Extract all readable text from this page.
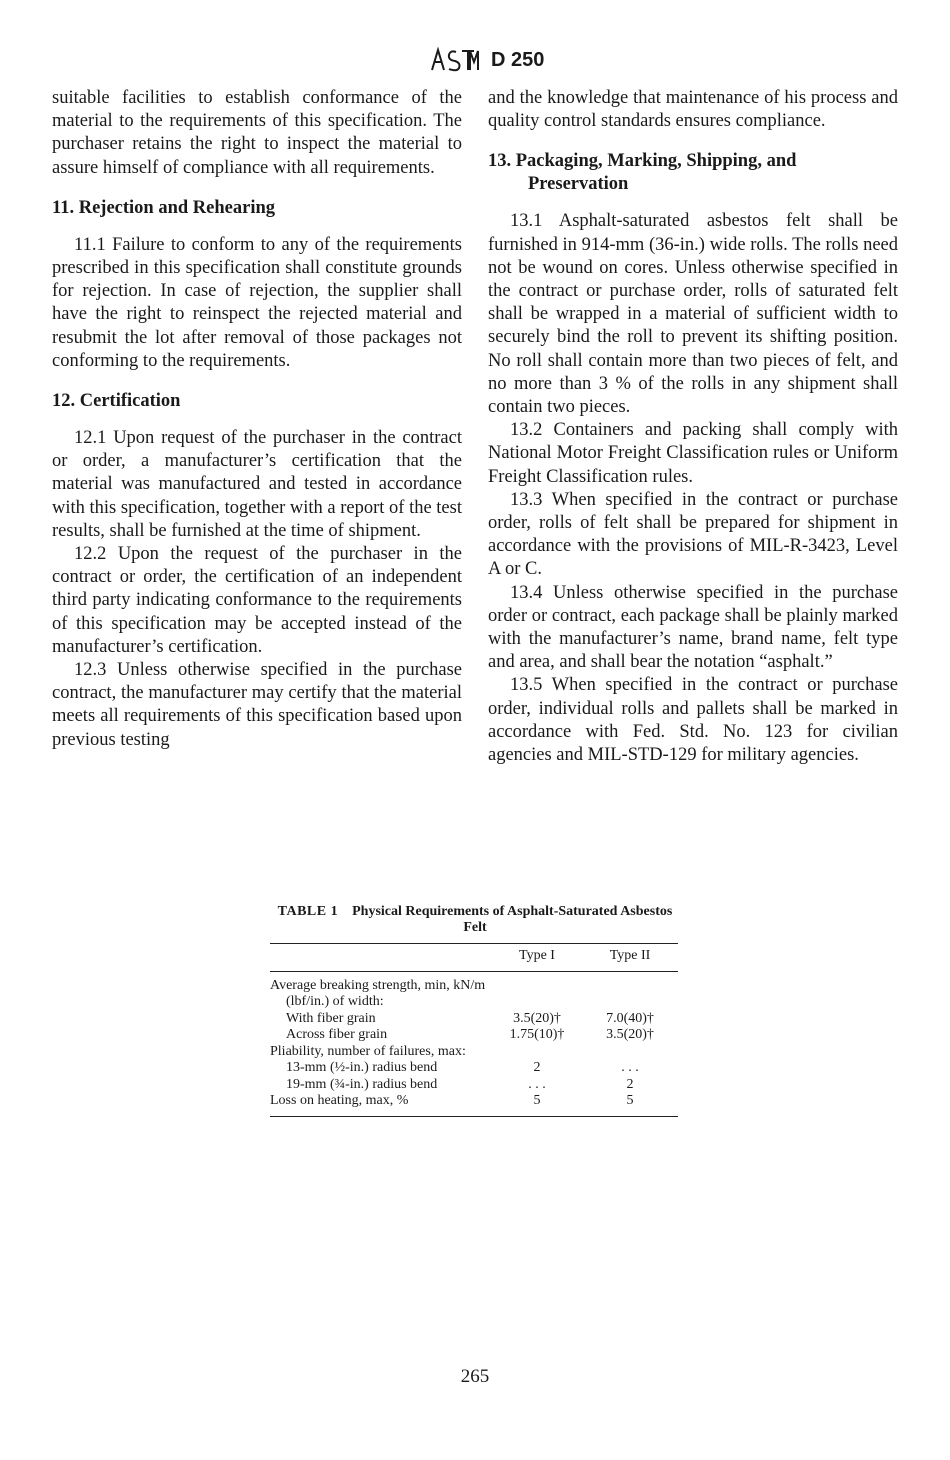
D 250

suitable facilities to establish conformance of the material to the requirements of this specification. The purchaser retains the right to inspect the material to assure himself of compliance with all requirements.

11. Rejection and Rehearing

11.1 Failure to conform to any of the requirements prescribed in this specification shall constitute grounds for rejection. In case of rejection, the supplier shall have the right to reinspect the rejected material and resubmit the lot after removal of those packages not conforming to the requirements.

12. Certification

12.1 Upon request of the purchaser in the contract or order, a manufacturer’s certification that the material was manufactured and tested in accordance with this specification, together with a report of the test results, shall be furnished at the time of shipment.

12.2 Upon the request of the purchaser in the contract or order, the certification of an independent third party indicating conformance to the requirements of this specification may be accepted instead of the manufacturer’s certification.

12.3 Unless otherwise specified in the purchase contract, the manufacturer may certify that the material meets all requirements of this specification based upon previous testing

and the knowledge that maintenance of his process and quality control standards ensures compliance.

13. Packaging, Marking, Shipping, and Preservation

13.1 Asphalt-saturated asbestos felt shall be furnished in 914-mm (36-in.) wide rolls. The rolls need not be wound on cores. Unless otherwise specified in the contract or purchase order, rolls of saturated felt shall be wrapped in a material of sufficient width to securely bind the roll to prevent its shifting position. No roll shall contain more than two pieces of felt, and no more than 3 % of the rolls in any shipment shall contain two pieces.

13.2 Containers and packing shall comply with National Motor Freight Classification rules or Uniform Freight Classification rules.

13.3 When specified in the contract or purchase order, rolls of felt shall be prepared for shipment in accordance with the provisions of MIL-R-3423, Level A or C.

13.4 Unless otherwise specified in the purchase order or contract, each package shall be plainly marked with the manufacturer’s name, brand name, felt type and area, and shall bear the notation “asphalt.”

13.5 When specified in the contract or purchase order, individual rolls and pallets shall be marked in accordance with Fed. Std. No. 123 for civilian agencies and MIL-STD-129 for military agencies.

TABLE 1 Physical Requirements of Asphalt-Saturated Asbestos Felt
	Type I	Type II

Average breaking strength, min, kN/m (lbf/in.) of width:		

With fiber grain	3.5(20)†	7.0(40)†

Across fiber grain	1.75(10)†	3.5(20)†

Pliability, number of failures, max:		

13-mm (½-in.) radius bend	2	. . .

19-mm (¾-in.) radius bend	. . .	2

Loss on heating, max, %	5	5
265
